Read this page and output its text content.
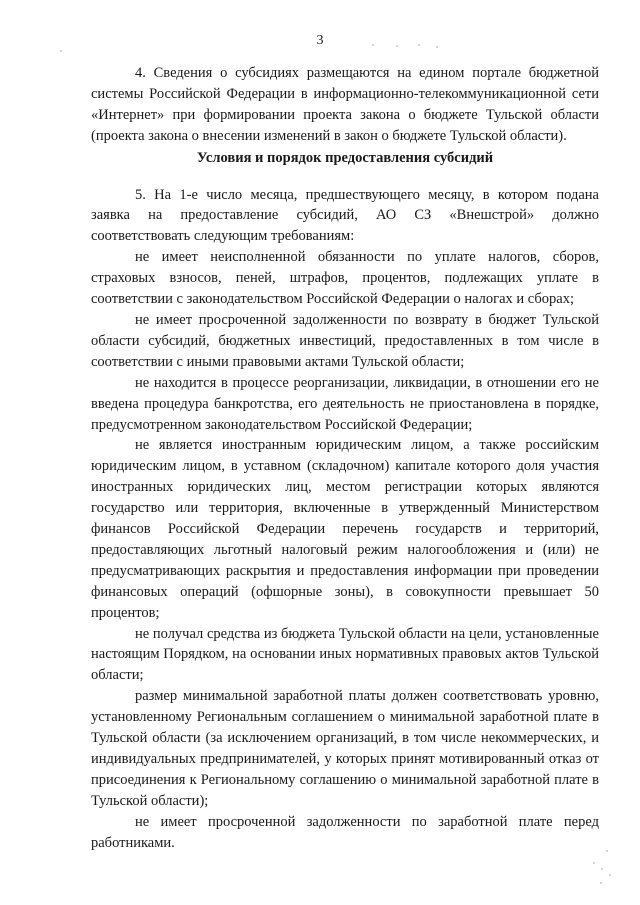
3

4. Сведения о субсидиях размещаются на едином портале бюджетной системы Российской Федерации в информационно-телекоммуникационной сети «Интернет» при формировании проекта закона о бюджете Тульской области (проекта закона о внесении изменений в закон о бюджете Тульской области).

Условия и порядок предоставления субсидий

5. На 1-е число месяца, предшествующего месяцу, в котором подана заявка на предоставление субсидий, АО СЗ «Внешстрой» должно соответствовать следующим требованиям:

не имеет неисполненной обязанности по уплате налогов, сборов, страховых взносов, пеней, штрафов, процентов, подлежащих уплате в соответствии с законодательством Российской Федерации о налогах и сборах;

не имеет просроченной задолженности по возврату в бюджет Тульской области субсидий, бюджетных инвестиций, предоставленных в том числе в соответствии с иными правовыми актами Тульской области;

не находится в процессе реорганизации, ликвидации, в отношении его не введена процедура банкротства, его деятельность не приостановлена в порядке, предусмотренном законодательством Российской Федерации;

не является иностранным юридическим лицом, а также российским юридическим лицом, в уставном (складочном) капитале которого доля участия иностранных юридических лиц, местом регистрации которых являются государство или территория, включенные в утвержденный Министерством финансов Российской Федерации перечень государств и территорий, предоставляющих льготный налоговый режим налогообложения и (или) не предусматривающих раскрытия и предоставления информации при проведении финансовых операций (офшорные зоны), в совокупности превышает 50 процентов;

не получал средства из бюджета Тульской области на цели, установленные настоящим Порядком, на основании иных нормативных правовых актов Тульской области;

размер минимальной заработной платы должен соответствовать уровню, установленному Региональным соглашением о минимальной заработной плате в Тульской области (за исключением организаций, в том числе некоммерческих, и индивидуальных предпринимателей, у которых принят мотивированный отказ от присоединения к Региональному соглашению о минимальной заработной плате в Тульской области);

не имеет просроченной задолженности по заработной плате перед работниками.
